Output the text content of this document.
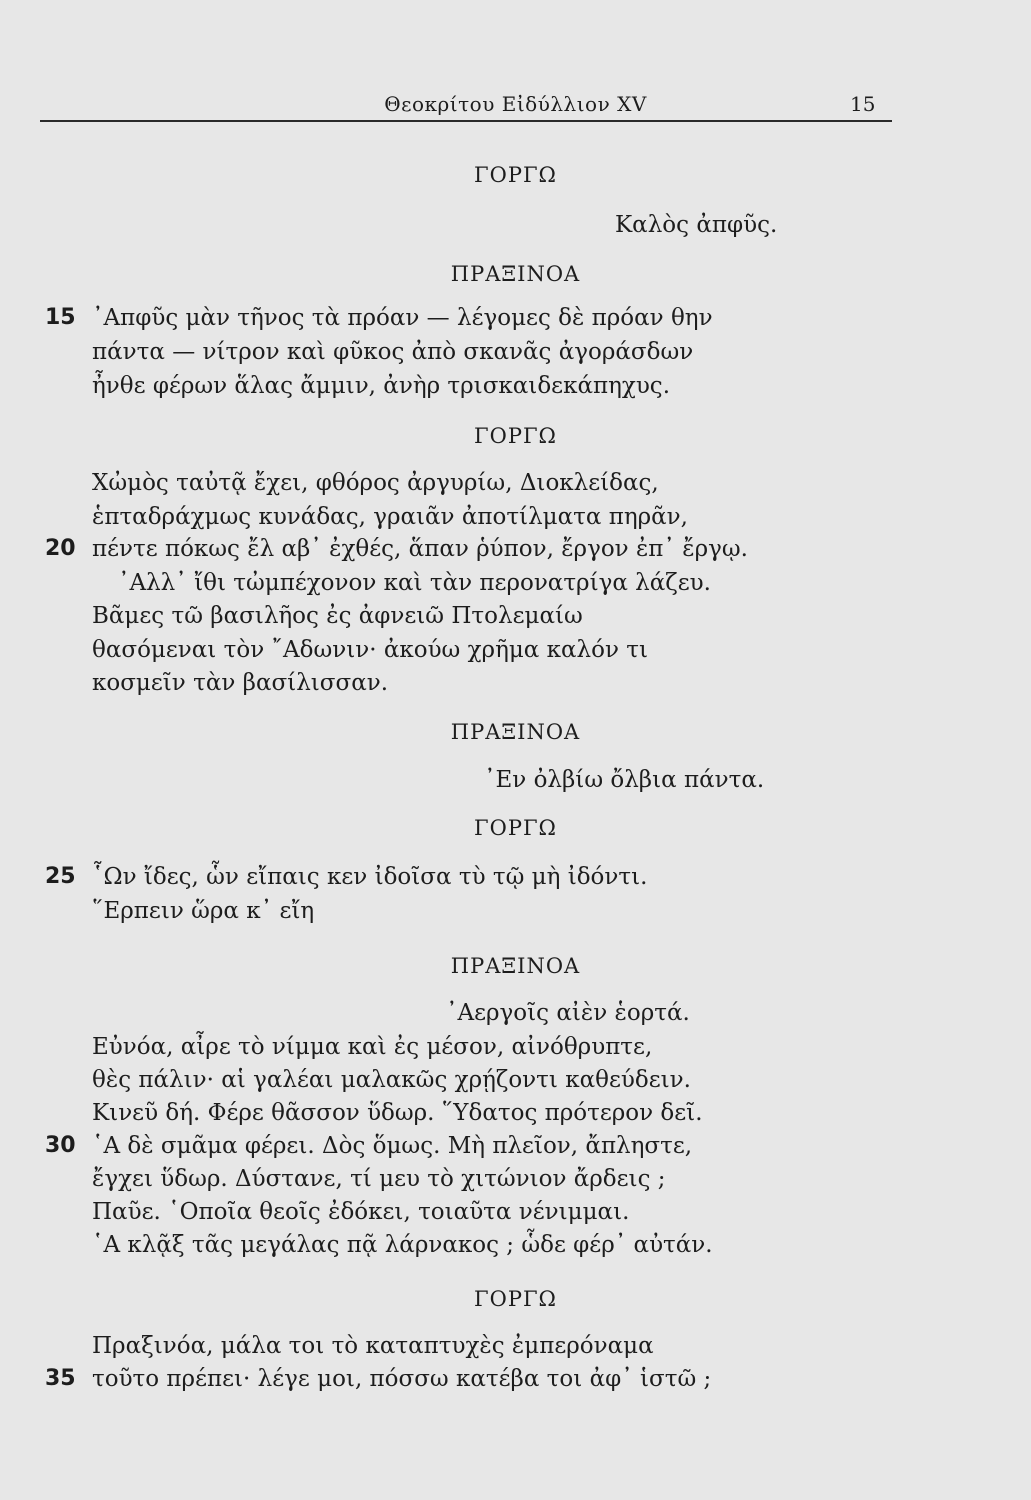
Θεοκρίτου Εἰδύλλιον XV	15
ΓΟΡΓΩ
Καλὸς ἀπφῦς.
ΠΡΑΞΙΝΟΑ
15 ᾿Απφῦς μὰν τῆνος τὰ πρόαν — λέγομες δὲ πρόαν θην
πάντα — νίτρον καὶ φῦκος ἀπὸ σκανᾶς ἀγοράσδων
ἦνθε φέρων ἅλας ἄμμιν, ἀνὴρ τρισκαιδεκάπηχυς.
ΓΟΡΓΩ
Χὠμὸς ταὐτᾷ ἔχει, φθόρος ἀργυρίω, Διοκλείδας,
ἑπταδράχμως κυνάδας, γραιᾶν ἀποτίλματα πηρᾶν,
20 πέντε πόκως ἔλ αβ᾿ ἐχθές, ἅπαν ῥύπον, ἔργον ἐπ᾿ ἔργῳ.
᾿Αλλ᾿ ἴθι τὠμπέχονον καὶ τὰν περονατρίγα λάζευ.
Βᾶμες τῶ βασιλῆος ἐς ἀφνειῶ Πτολεμαίω
θασόμεναι τὸν ῎Αδωνιν· ἀκούω χρῆμα καλόν τι
κοσμεῖν τὰν βασίλισσαν.
ΠΡΑΞΙΝΟΑ
᾿Εν ὀλβίω ὄλβια πάντα.
ΓΟΡΓΩ
25 ῟Ων ἴδες, ὧν εἴπαις κεν ἰδοῖσα τὺ τῷ μὴ ἰδόντι.
῞Ερπειν ὥρα κ᾿ εἴη
ΠΡΑΞΙΝΟΑ
᾿Αεργοῖς αἰὲν ἑορτά.
Εὐνόα, αἶρε τὸ νίμμα καὶ ἐς μέσον, αἰνόθρυπτε,
θὲς πάλιν· αἱ γαλέαι μαλακῶς χρῄζοντι καθεύδειν.
Κινεῦ δή. Φέρε θᾶσσον ὕδωρ. ῞Υδατος πρότερον δεῖ.
30 ῾Α δὲ σμᾶμα φέρει. Δὸς ὅμως. Μὴ πλεῖον, ἄπληστε,
ἔγχει ὕδωρ. Δύστανε, τί μευ τὸ χιτώνιον ἄρδεις ;
Παῦε. ῾Οποῖα θεοῖς ἐδόκει, τοιαῦτα νένιμμαι.
῾Α κλᾷξ τᾶς μεγάλας πᾷ λάρνακος ; ὧδε φέρ᾿ αὐτάν.
ΓΟΡΓΩ
Πραξινόα, μάλα τοι τὸ καταπτυχὲς ἐμπερόναμα
35 τοῦτο πρέπει· λέγε μοι, πόσσω κατέβα τοι ἀφ᾿ ἱστῶ ;
